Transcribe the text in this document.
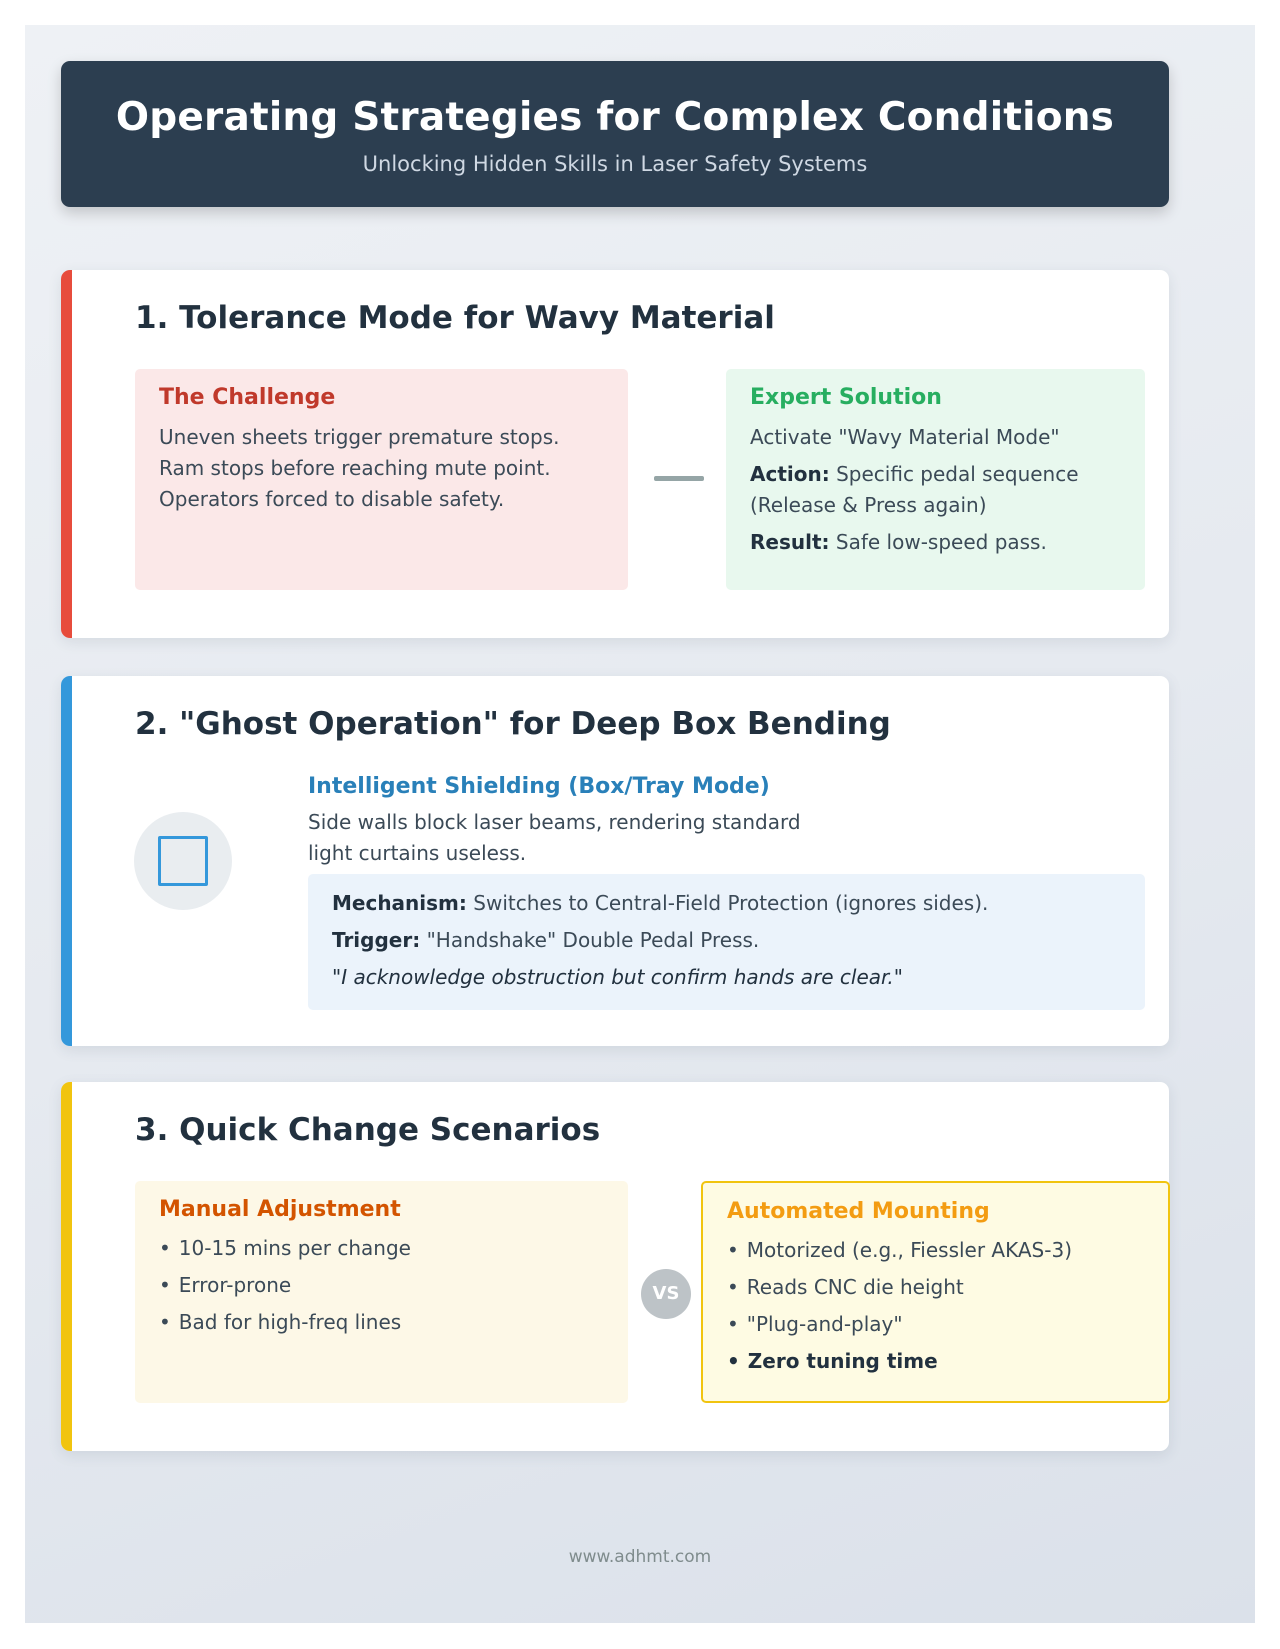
Operating Strategies for Complex Conditions
Unlocking Hidden Skills in Laser Safety Systems
1. Tolerance Mode for Wavy Material
The Challenge

Uneven sheets trigger premature stops.
Ram stops before reaching mute point.
Operators forced to disable safety.

Expert Solution

Activate "Wavy Material Mode"

Action: Specific pedal sequence (Release & Press again)

Result: Safe low-speed pass.

2. "Ghost Operation" for Deep Box Bending
Intelligent Shielding (Box/Tray Mode)

Side walls block laser beams, rendering standard light curtains useless.

Mechanism: Switches to Central-Field Protection (ignores sides).

Trigger: "Handshake" Double Pedal Press.

"I acknowledge obstruction but confirm hands are clear."

3. Quick Change Scenarios
Manual Adjustment
• 10-15 mins per change
• Error-prone
• Bad for high-freq lines
VS
Automated Mounting
• Motorized (e.g., Fiessler AKAS-3)
• Reads CNC die height
• "Plug-and-play"
• Zero tuning time
www.adhmt.com
